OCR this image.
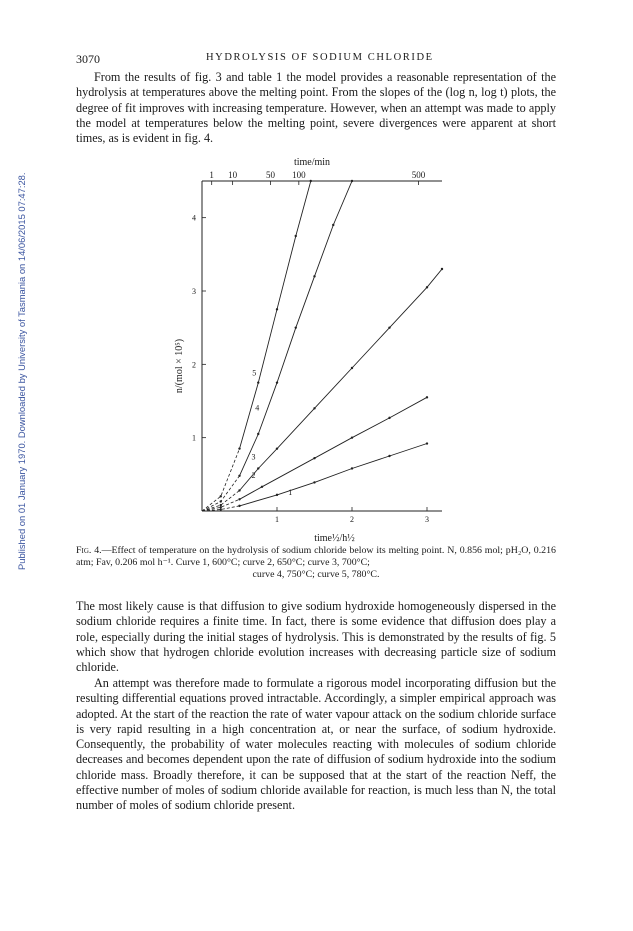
Published on 01 January 1970. Downloaded by University of Tasmania on 14/06/2015 07:47:28.
3070	HYDROLYSIS OF SODIUM CHLORIDE

From the results of fig. 3 and table 1 the model provides a reasonable representation of the hydrolysis at temperatures above the melting point. From the slopes of the (log n, log t) plots, the degree of fit improves with increasing temperature. However, when an attempt was made to apply the model at temperatures below the melting point, severe divergences were apparent at short times, as is evident in fig. 4.

time/min
1 10	50 100	500
1	2	3
time½/h½
1
2
3
4
n/(mol × 10⁵)
1
2
3
4
5

Fig. 4.—Effect of temperature on the hydrolysis of sodium chloride below its melting point. N, 0.856 mol; pH₂O, 0.216 atm; Fav, 0.206 mol h⁻¹. Curve 1, 600°C; curve 2, 650°C; curve 3, 700°C;
curve 4, 750°C; curve 5, 780°C.

The most likely cause is that diffusion to give sodium hydroxide homogeneously dispersed in the sodium chloride requires a finite time. In fact, there is some evidence that diffusion does play a role, especially during the initial stages of hydrolysis. This is demonstrated by the results of fig. 5 which show that hydrogen chloride evolution increases with decreasing particle size of sodium chloride.

An attempt was therefore made to formulate a rigorous model incorporating diffusion but the resulting differential equations proved intractable. Accordingly, a simpler empirical approach was adopted. At the start of the reaction the rate of water vapour attack on the sodium chloride surface is very rapid resulting in a high concentration at, or near the surface, of sodium hydroxide. Consequently, the probability of water molecules reacting with molecules of sodium chloride decreases and becomes dependent upon the rate of diffusion of sodium hydroxide into the sodium chloride mass. Broadly therefore, it can be supposed that at the start of the reaction Neff, the effective number of moles of sodium chloride available for reaction, is much less than N, the total number of moles of sodium chloride present.
